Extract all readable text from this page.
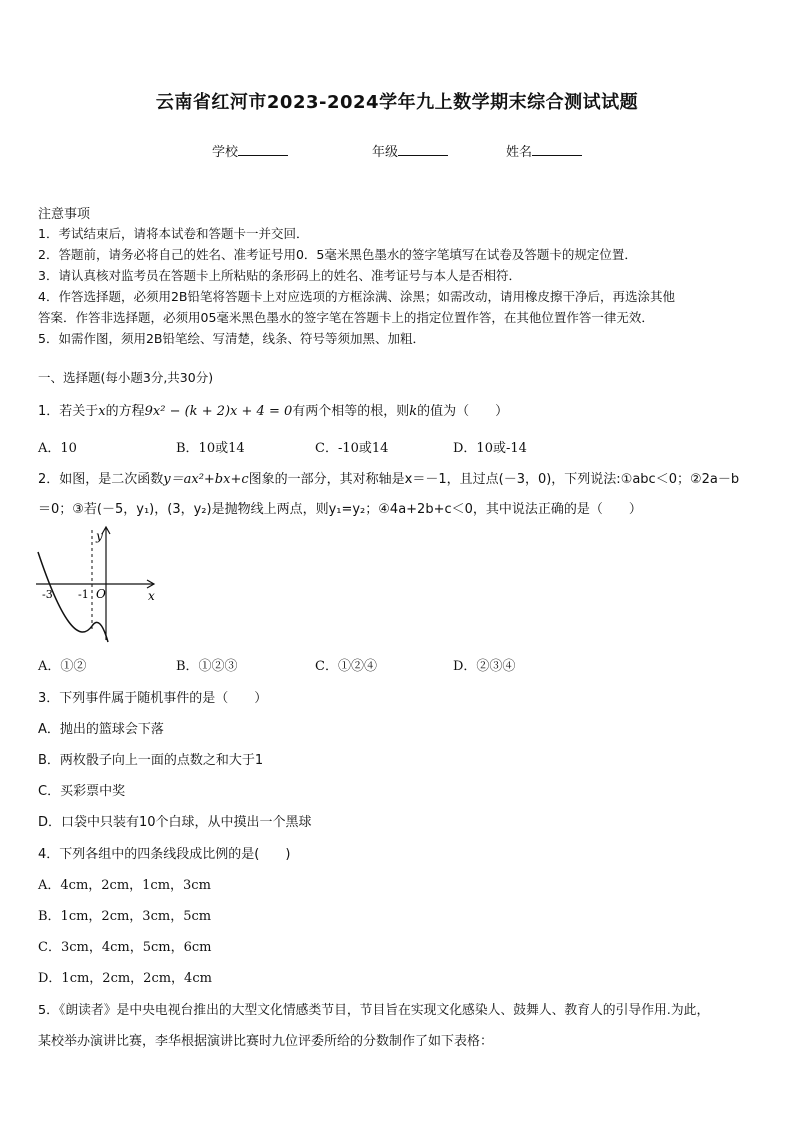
云南省红河市2023-2024学年九上数学期末综合测试试题
学校	年级	姓名
注意事项
1．考试结束后，请将本试卷和答题卡一并交回．
2．答题前，请务必将自己的姓名、准考证号用0．5毫米黑色墨水的签字笔填写在试卷及答题卡的规定位置．
3．请认真核对监考员在答题卡上所粘贴的条形码上的姓名、准考证号与本人是否相符．
4．作答选择题，必须用2B铅笔将答题卡上对应选项的方框涂满、涂黑；如需改动，请用橡皮擦干净后，再选涂其他
答案．作答非选择题，必须用05毫米黑色墨水的签字笔在答题卡上的指定位置作答，在其他位置作答一律无效．
5．如需作图，须用2B铅笔绘、写清楚，线条、符号等须加黑、加粗．
一、选择题(每小题3分,共30分)
1．若关于x的方程9x² − (k + 2)x + 4 = 0有两个相等的根，则k的值为（　　）
A．10	B．10或14	C．-10或14	D．10或-14
2．如图，是二次函数y＝ax²+bx+c图象的一部分，其对称轴是x＝－1，且过点(－3，0)，下列说法:①abc＜0；②2a－b
＝0；③若(－5，y₁)，(3，y₂)是抛物线上两点，则y₁=y₂；④4a+2b+c＜0，其中说法正确的是（　　）
y
x
O
-3 -1
A．①②	B．①②③	C．①②④	D．②③④
3．下列事件属于随机事件的是（　　）
A．抛出的篮球会下落
B．两枚骰子向上一面的点数之和大于1
C．买彩票中奖
D．口袋中只装有10个白球，从中摸出一个黑球
4．下列各组中的四条线段成比例的是(　　)
A．4cm，2cm，1cm，3cm
B．1cm，2cm，3cm，5cm
C．3cm，4cm，5cm，6cm
D．1cm，2cm，2cm，4cm
5．《朗读者》是中央电视台推出的大型文化情感类节目，节目旨在实现文化感染人、鼓舞人、教育人的引导作用.为此，
某校举办演讲比赛，李华根据演讲比赛时九位评委所给的分数制作了如下表格：
